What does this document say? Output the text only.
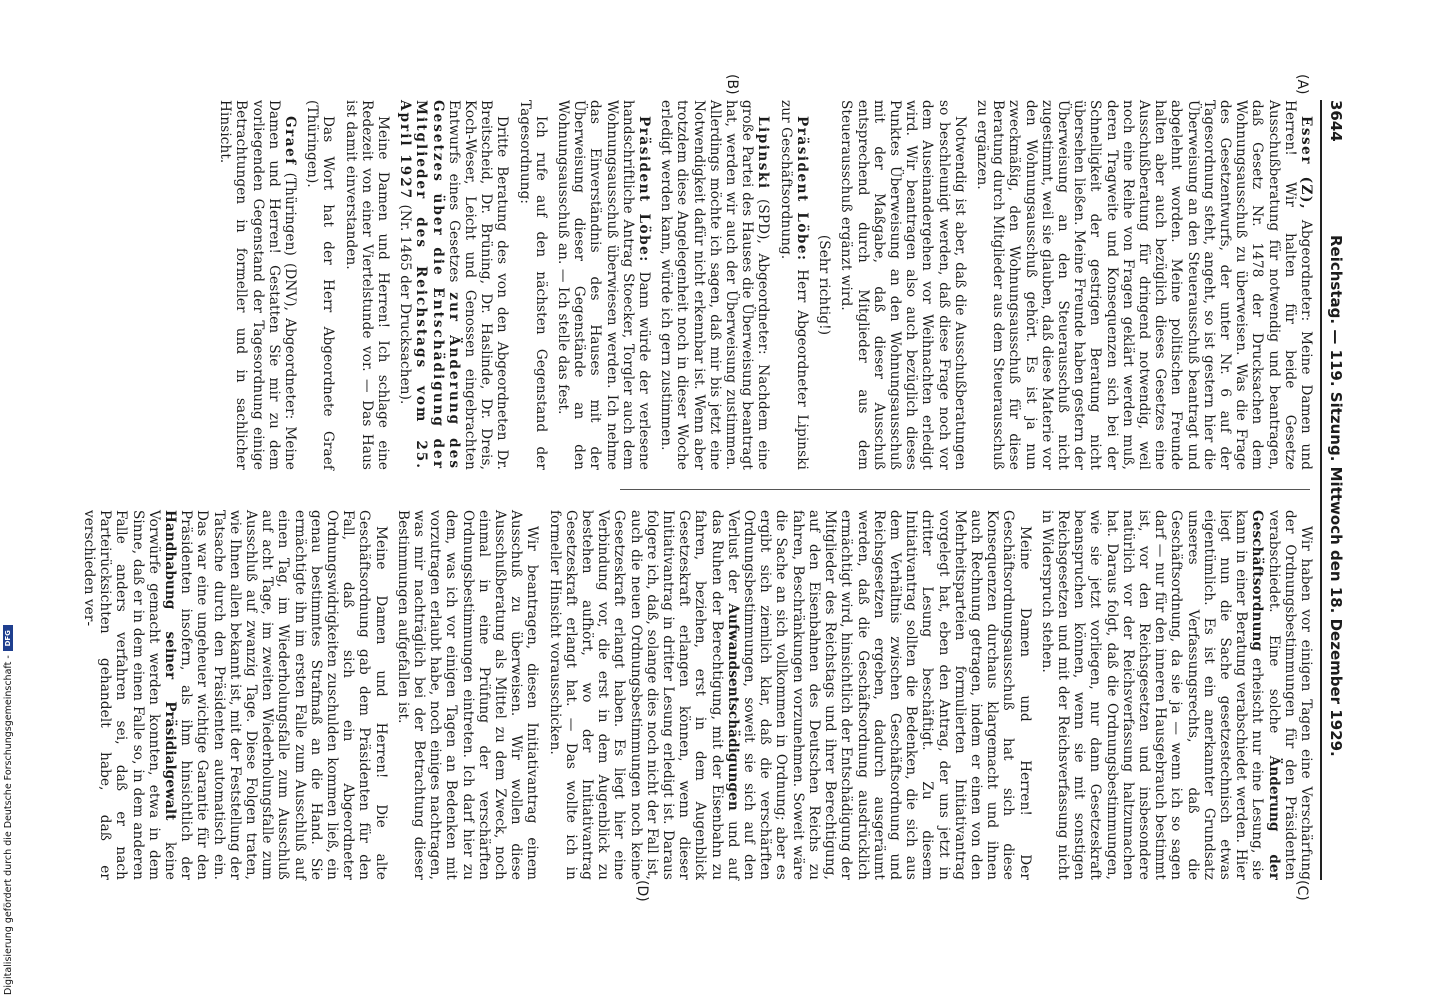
3644
Reichstag. — 119. Sitzung. Mittwoch den 18. Dezember 1929.
(A)
(B)
(C)
(D)

Esser (Z), Abgeordneter: Meine Damen und Herren! Wir halten für beide Gesetze Ausschußberatung für notwendig und beantragen, daß Gesetz Nr. 1478 der Drucksachen dem Wohnungsausschuß zu überweisen. Was die Frage des Gesetzentwurfs, der unter Nr. 6 auf der Tagesordnung steht, angeht, so ist gestern hier die Überweisung an den Steuerausschuß beantragt und abgelehnt worden. Meine politischen Freunde halten aber auch bezüglich dieses Gesetzes eine Ausschußberatung für dringend notwendig, weil noch eine Reihe von Fragen geklärt werden muß, deren Tragweite und Konsequenzen sich bei der Schnelligkeit der gestrigen Beratung nicht übersehen ließen. Meine Freunde haben gestern der Überweisung an den Steuerausschuß nicht zugestimmt, weil sie glauben, daß diese Materie vor den Wohnungsausschuß gehört. Es ist ja nun zweckmäßig, den Wohnungsausschuß für diese Beratung durch Mitglieder aus dem Steuerausschuß zu ergänzen.

Notwendig ist aber, daß die Ausschußberatungen so beschleunigt werden, daß diese Frage noch vor dem Auseinandergehen vor Weihnachten erledigt wird. Wir beantragen also auch bezüglich dieses Punktes Überweisung an den Wohnungsausschuß mit der Maßgabe, daß dieser Ausschuß entsprechend durch Mitglieder aus dem Steuerausschuß ergänzt wird.

(Sehr richtig!)

Präsident Löbe: Herr Abgeordneter Lipinski zur Geschäftsordnung.

Lipinski (SPD), Abgeordneter: Nachdem eine große Partei des Hauses die Überweisung beantragt hat, werden wir auch der Überweisung zustimmen. Allerdings möchte ich sagen, daß mir bis jetzt eine Notwendigkeit dafür nicht erkennbar ist. Wenn aber trotzdem diese Angelegenheit noch in dieser Woche erledigt werden kann, würde ich gern zustimmen.

Präsident Löbe: Dann würde der verlesene handschriftliche Antrag Stoecker, Torgler auch dem Wohnungsausschuß überwiesen werden. Ich nehme das Einverständnis des Hauses mit der Überweisung dieser Gegenstände an den Wohnungsausschuß an. — Ich stelle das fest.

Ich rufe auf den nächsten Gegenstand der Tagesordnung:

Dritte Beratung des von den Abgeordneten Dr. Breitscheid, Dr. Brüning, Dr. Haslinde, Dr. Dreis, Koch-Weser, Leicht und Genossen eingebrachten Entwurfs eines Gesetzes zur Änderung des Gesetzes über die Entschädigung der Mitglieder des Reichstags vom 25. April 1927 (Nr. 1465 der Drucksachen).

Meine Damen und Herren! Ich schlage eine Redezeit von einer Viertelstunde vor. — Das Haus ist damit einverstanden.

Das Wort hat der Herr Abgeordnete Graef (Thüringen).

Graef (Thüringen) (DNV), Abgeordneter: Meine Damen und Herren! Gestatten Sie mir zu dem vorliegenden Gegenstand der Tagesordnung einige Betrachtungen in formeller und in sachlicher Hinsicht.

Wir haben vor einigen Tagen eine Verschärfung der Ordnungsbestimmungen für den Präsidenten verabschiedet. Eine solche Änderung der Geschäftsordnung erheischt nur eine Lesung, sie kann in einer Beratung verabschiedet werden. Hier liegt nun die Sache gesetzestechnisch etwas eigentümlich. Es ist ein anerkannter Grundsatz unseres Verfassungsrechts, daß die Geschäftsordnung, da sie ja — wenn ich so sagen darf — nur für den inneren Hausgebrauch bestimmt ist, vor den Reichsgesetzen und insbesondere natürlich vor der Reichsverfassung haltzumachen hat. Daraus folgt, daß die Ordnungsbestimmungen, wie sie jetzt vorliegen, nur dann Gesetzeskraft beanspruchen können, wenn sie mit sonstigen Reichsgesetzen und mit der Reichsverfassung nicht in Widerspruch stehen.

Meine Damen und Herren! Der Geschäftsordnungsausschuß hat sich diese Konsequenzen durchaus klargemacht und ihnen auch Rechnung getragen, indem er einen von den Mehrheitsparteien formulierten Initiativantrag vorgelegt hat, eben den Antrag, der uns jetzt in dritter Lesung beschäftigt. Zu diesem Initiativantrag sollten die Bedenken, die sich aus dem Verhältnis zwischen Geschäftsordnung und Reichsgesetzen ergeben, dadurch ausgeräumt werden, daß die Geschäftsordnung ausdrücklich ermächtigt wird, hinsichtlich der Entschädigung der Mitglieder des Reichstags und ihrer Berechtigung, auf den Eisenbahnen des Deutschen Reichs zu fahren, Beschränkungen vorzunehmen. Soweit wäre die Sache an sich vollkommen in Ordnung; aber es ergibt sich ziemlich klar, daß die verschärften Ordnungsbestimmungen, soweit sie sich auf den Verlust der Aufwandsentschädigungen und auf das Ruhen der Berechtigung, mit der Eisenbahn zu fahren, beziehen, erst in dem Augenblick Gesetzeskraft erlangen können, wenn dieser Initiativantrag in dritter Lesung erledigt ist. Daraus folgere ich, daß, solange dies noch nicht der Fall ist, auch die neuen Ordnungsbestimmungen noch keine Gesetzeskraft erlangt haben. Es liegt hier eine Verbindung vor, die erst in dem Augenblick zu bestehen aufhört, wo der Initiativantrag Gesetzeskraft erlangt hat. — Das wollte ich in formeller Hinsicht vorausschicken.

Wir beantragen, diesen Initiativantrag einem Ausschuß zu überweisen. Wir wollen diese Ausschußberatung als Mittel zu dem Zweck, noch einmal in eine Prüfung der verschärften Ordnungsbestimmungen eintreten. Ich darf hier zu dem, was ich vor einigen Tagen an Bedenken mit vorzutragen erlaubt habe, noch einiges nachtragen, was mir nachträglich bei der Betrachtung dieser Bestimmungen aufgefallen ist.

Meine Damen und Herren! Die alte Geschäftsordnung gab dem Präsidenten für den Fall, daß sich ein Abgeordneter Ordnungswidrigkeiten zuschulden kommen ließ, ein genau bestimmtes Strafmaß an die Hand. Sie ermächtigte ihn im ersten Falle zum Ausschluß auf einen Tag, im Wiederholungsfalle zum Ausschluß auf acht Tage, im zweiten Wiederholungsfalle zum Ausschluß auf zwanzig Tage. Diese Folgen traten, wie Ihnen allen bekannt ist, mit der Feststellung der Tatsache durch den Präsidenten automatisch ein. Das war eine ungeheuer wichtige Garantie für den Präsidenten insofern, als ihm hinsichtlich der Handhabung seiner Präsidialgewalt keine Vorwürfe gemacht werden konnten, etwa in dem Sinne, daß er in dem einen Falle so, in dem anderen Falle anders verfahren sei, daß er nach Parteirücksichten gehandelt habe, daß er verschieden ver-

Digitalisierung gefördert durch die Deutsche Forschungsgemeinschaft -
DFG
